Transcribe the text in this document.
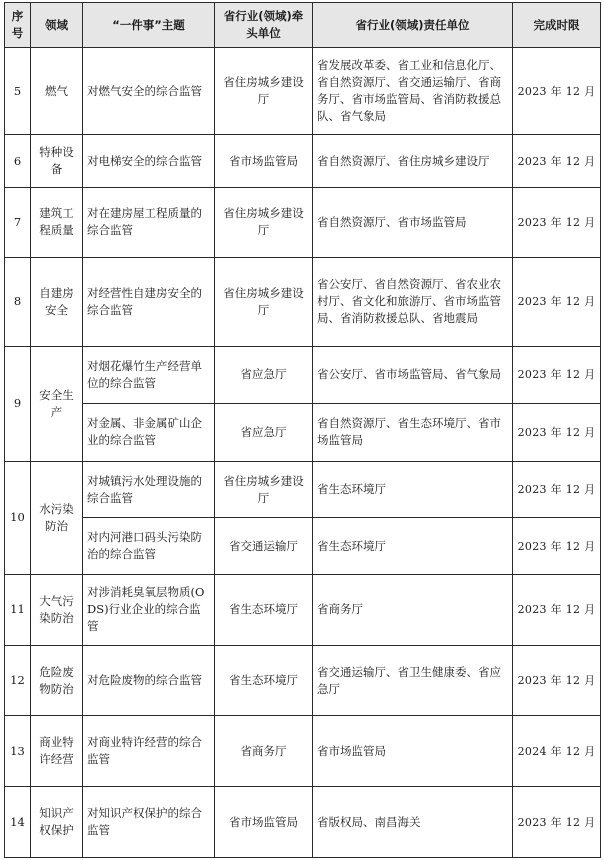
序号	领域	“一件事”主题	省行业(领域)牵头单位	省行业(领域)责任单位	完成时限
5	燃气	对燃气安全的综合监管	省住房城乡建设厅	省发展改革委、省工业和信息化厅、省自然资源厅、省交通运输厅、省商务厅、省市场监管局、省消防救援总队、省气象局	2023 年 12 月
6	特种设备	对电梯安全的综合监管	省市场监管局	省自然资源厅、省住房城乡建设厅	2023 年 12 月
7	建筑工程质量	对在建房屋工程质量的综合监管	省住房城乡建设厅	省自然资源厅、省市场监管局	2023 年 12 月
8	自建房安全	对经营性自建房安全的综合监管	省住房城乡建设厅	省公安厅、省自然资源厅、省农业农村厅、省文化和旅游厅、省市场监管局、省消防救援总队、省地震局	2023 年 12 月
9	安全生产	对烟花爆竹生产经营单位的综合监管	省应急厅	省公安厅、省市场监管局、省气象局	2023 年 12 月
		对金属、非金属矿山企业的综合监管	省应急厅	省自然资源厅、省生态环境厅、省市场监管局	2023 年 12 月
10	水污染防治	对城镇污水处理设施的综合监管	省住房城乡建设厅	省生态环境厅	2023 年 12 月
		对内河港口码头污染防治的综合监管	省交通运输厅	省生态环境厅	2023 年 12 月
11	大气污染防治	对涉消耗臭氧层物质(ODS)行业企业的综合监管	省生态环境厅	省商务厅	2023 年 12 月
12	危险废物防治	对危险废物的综合监管	省生态环境厅	省交通运输厅、省卫生健康委、省应急厅	2023 年 12 月
13	商业特许经营	对商业特许经营的综合监管	省商务厅	省市场监管局	2024 年 12 月
14	知识产权保护	对知识产权保护的综合监管	省市场监管局	省版权局、南昌海关	2023 年 12 月
